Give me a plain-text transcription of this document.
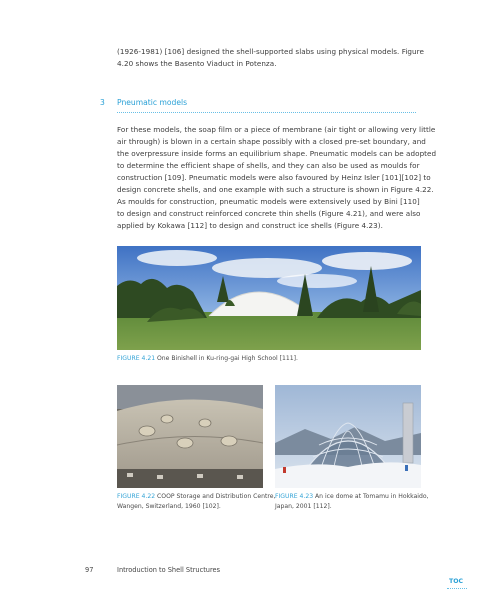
(1926-1981) [106] designed the shell-supported slabs using physical models. Figure
4.20 shows the Basento Viaduct in Potenza.
3 Pneumatic models
For these models, the soap film or a piece of membrane (air tight or allowing very little
air through) is blown in a certain shape possibly with a closed pre-set boundary, and
the overpressure inside forms an equilibrium shape. Pneumatic models can be adopted
to determine the efficient shape of shells, and they can also be used as moulds for
construction [109]. Pneumatic models were also favoured by Heinz Isler [101][102] to
design concrete shells, and one example with such a structure is shown in Figure 4.22.
As moulds for construction, pneumatic models were extensively used by Bini [110]
to design and construct reinforced concrete thin shells (Figure 4.21), and were also
applied by Kokawa [112] to design and construct ice shells (Figure 4.23).
FIGURE 4.21 One Binishell in Ku-ring-gai High School [111].
FIGURE 4.22 COOP Storage and Distribution Centre,
Wangen, Switzerland, 1960 [102].
FIGURE 4.23 An ice dome at Tomamu in Hokkaido,
Japan, 2001 [112].
97	Introduction to Shell Structures
TOC
